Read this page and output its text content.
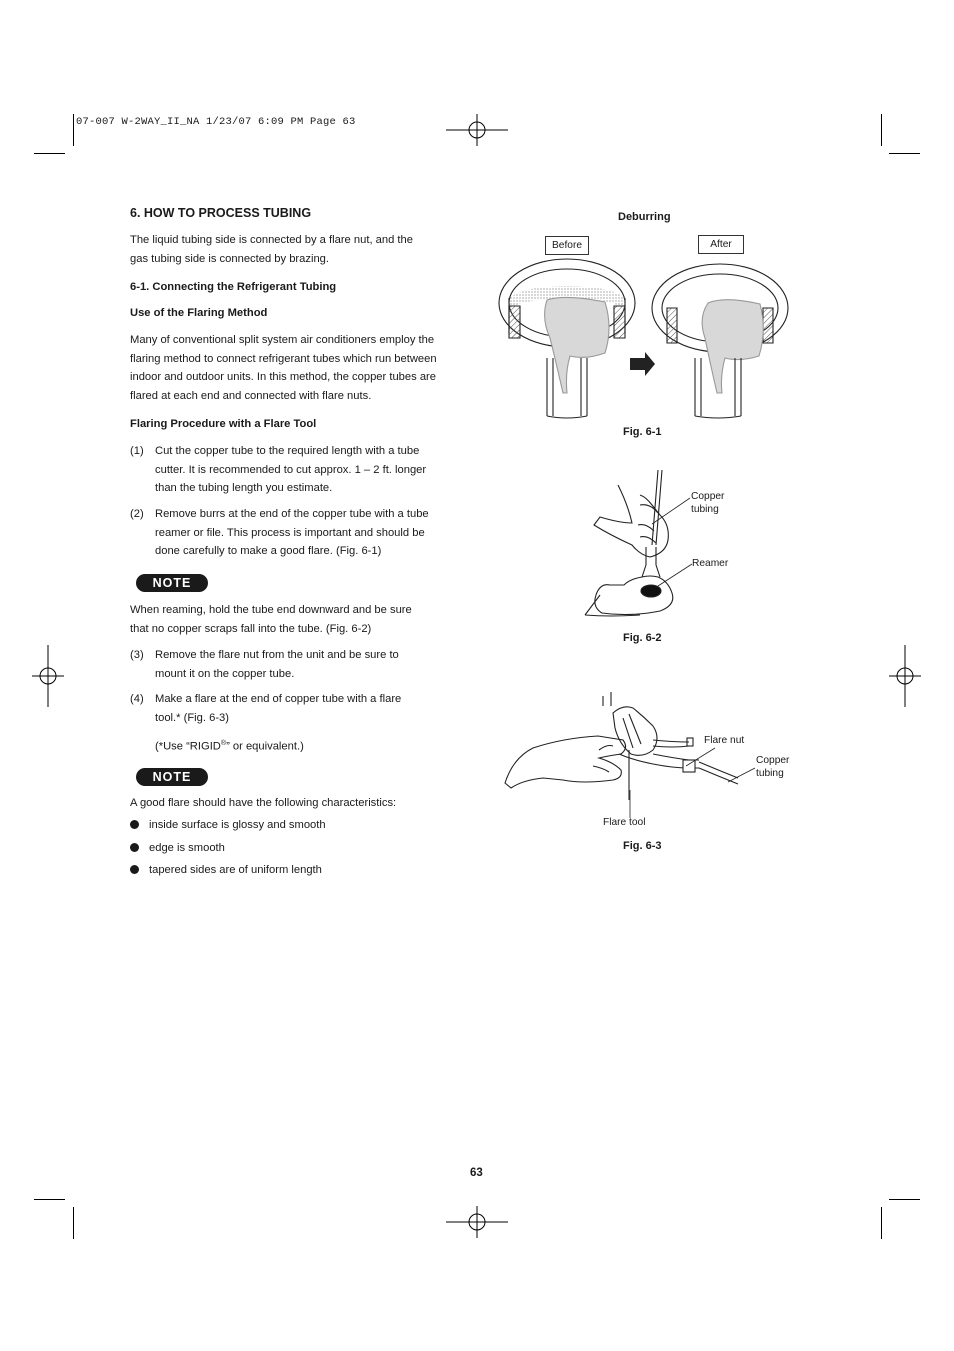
07-007 W-2WAY_II_NA 1/23/07 6:09 PM Page 63
6. HOW TO PROCESS TUBING
The liquid tubing side is connected by a flare nut, and the
gas tubing side is connected by brazing.
6-1. Connecting the Refrigerant Tubing
Use of the Flaring Method
Many of conventional split system air conditioners employ the
flaring method to connect refrigerant tubes which run between
indoor and outdoor units. In this method, the copper tubes are
flared at each end and connected with flare nuts.
Flaring Procedure with a Flare Tool
(1) Cut the copper tube to the required length with a tube
cutter. It is recommended to cut approx. 1 – 2 ft. longer
than the tubing length you estimate.
(2) Remove burrs at the end of the copper tube with a tube
reamer or file. This process is important and should be
done carefully to make a good flare. (Fig. 6-1)
NOTE
When reaming, hold the tube end downward and be sure
that no copper scraps fall into the tube. (Fig. 6-2)
(3) Remove the flare nut from the unit and be sure to
mount it on the copper tube.
(4) Make a flare at the end of copper tube with a flare
tool.* (Fig. 6-3)
(*Use “RIGID®” or equivalent.)
NOTE
A good flare should have the following characteristics:
inside surface is glossy and smooth
edge is smooth
tapered sides are of uniform length
Deburring
Before	After
Fig. 6-1
Copper
tubing
Reamer
Fig. 6-2
Flare nut
Copper
tubing
Flare tool
Fig. 6-3
63
